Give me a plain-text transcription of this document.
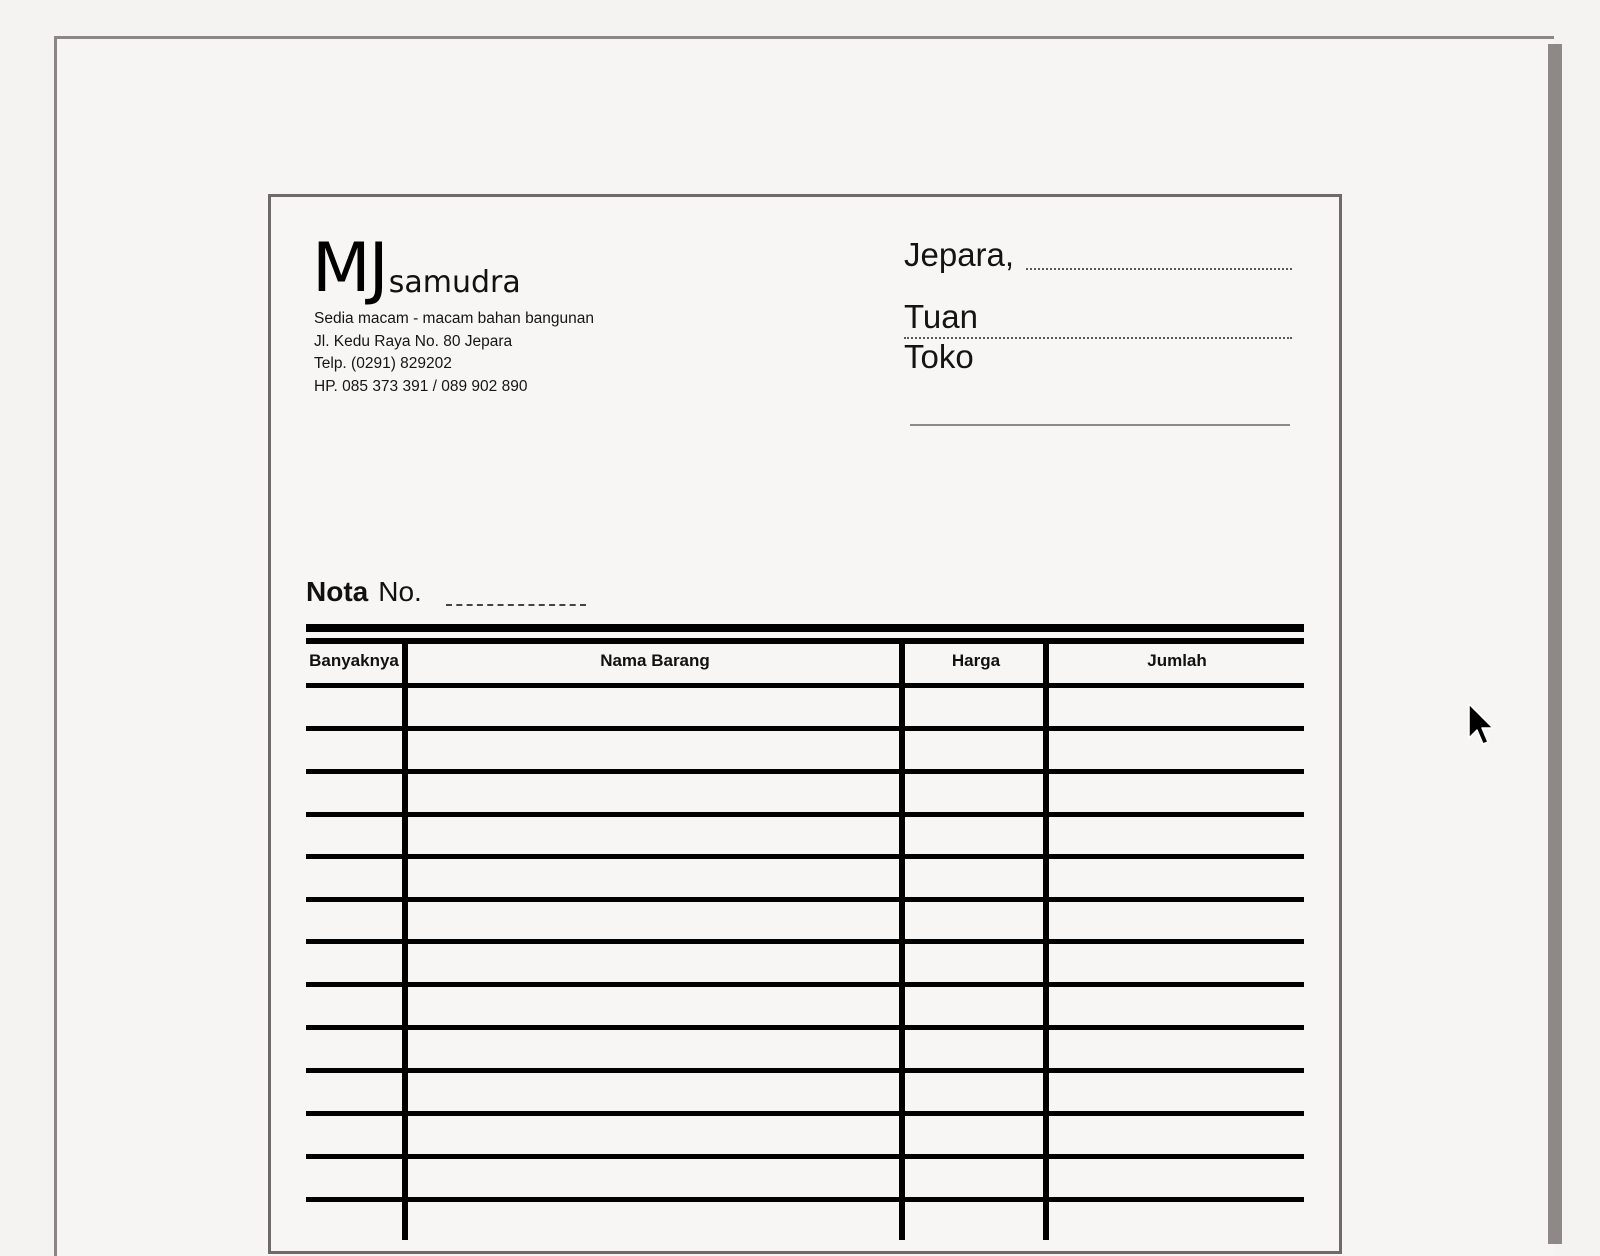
MJsamudra
Sedia macam - macam bahan bangunan
Jl. Kedu Raya No. 80 Jepara
Telp. (0291) 829202
HP. 085 373 391 / 089 902 890
Jepara,
Tuan
Toko
Nota No.
Banyaknya	Nama Barang	Harga	Jumlah
